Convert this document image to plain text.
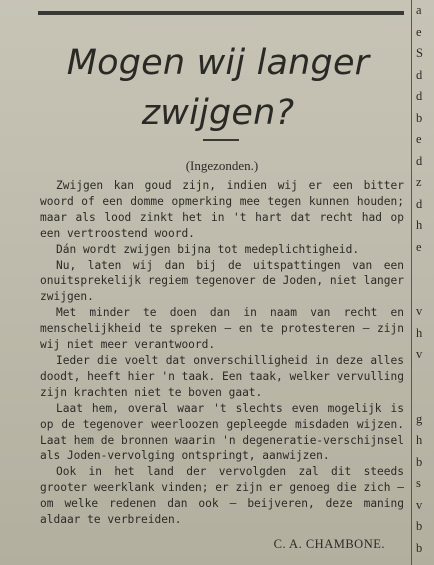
Mogen wij langer
zwijgen?
(Ingezonden.)

Zwijgen kan goud zijn, indien wij er een bitter woord of een domme opmerking mee tegen kunnen houden; maar als lood zinkt het in 't hart dat recht had op een vertroostend woord.

Dán wordt zwijgen bijna tot medeplichtigheid.

Nu, laten wij dan bij de uitspattingen van een onuitsprekelijk regiem tegenover de Joden, niet langer zwijgen.

Met minder te doen dan in naam van recht en menschelijkheid te spreken — en te protesteren — zijn wij niet meer verantwoord.

Ieder die voelt dat onverschilligheid in deze alles doodt, heeft hier 'n taak. Een taak, welker vervulling zijn krachten niet te boven gaat.

Laat hem, overal waar 't slechts even mogelijk is op de tegenover weerloozen gepleegde misdaden wijzen. Laat hem de bronnen waarin 'n degeneratie-verschijnsel als Joden-vervolging ontspringt, aanwijzen.

Ook in het land der vervolgden zal dit steeds grooter weerklank vinden; er zijn er genoeg die zich — om welke redenen dan ook — beijveren, deze maning aldaar te verbreiden.

C. A. CHAMBONE.
a
e
S
d
d
b
e
d
z
d
h
e

v
h
v

g
h
b
s
v
b
b
